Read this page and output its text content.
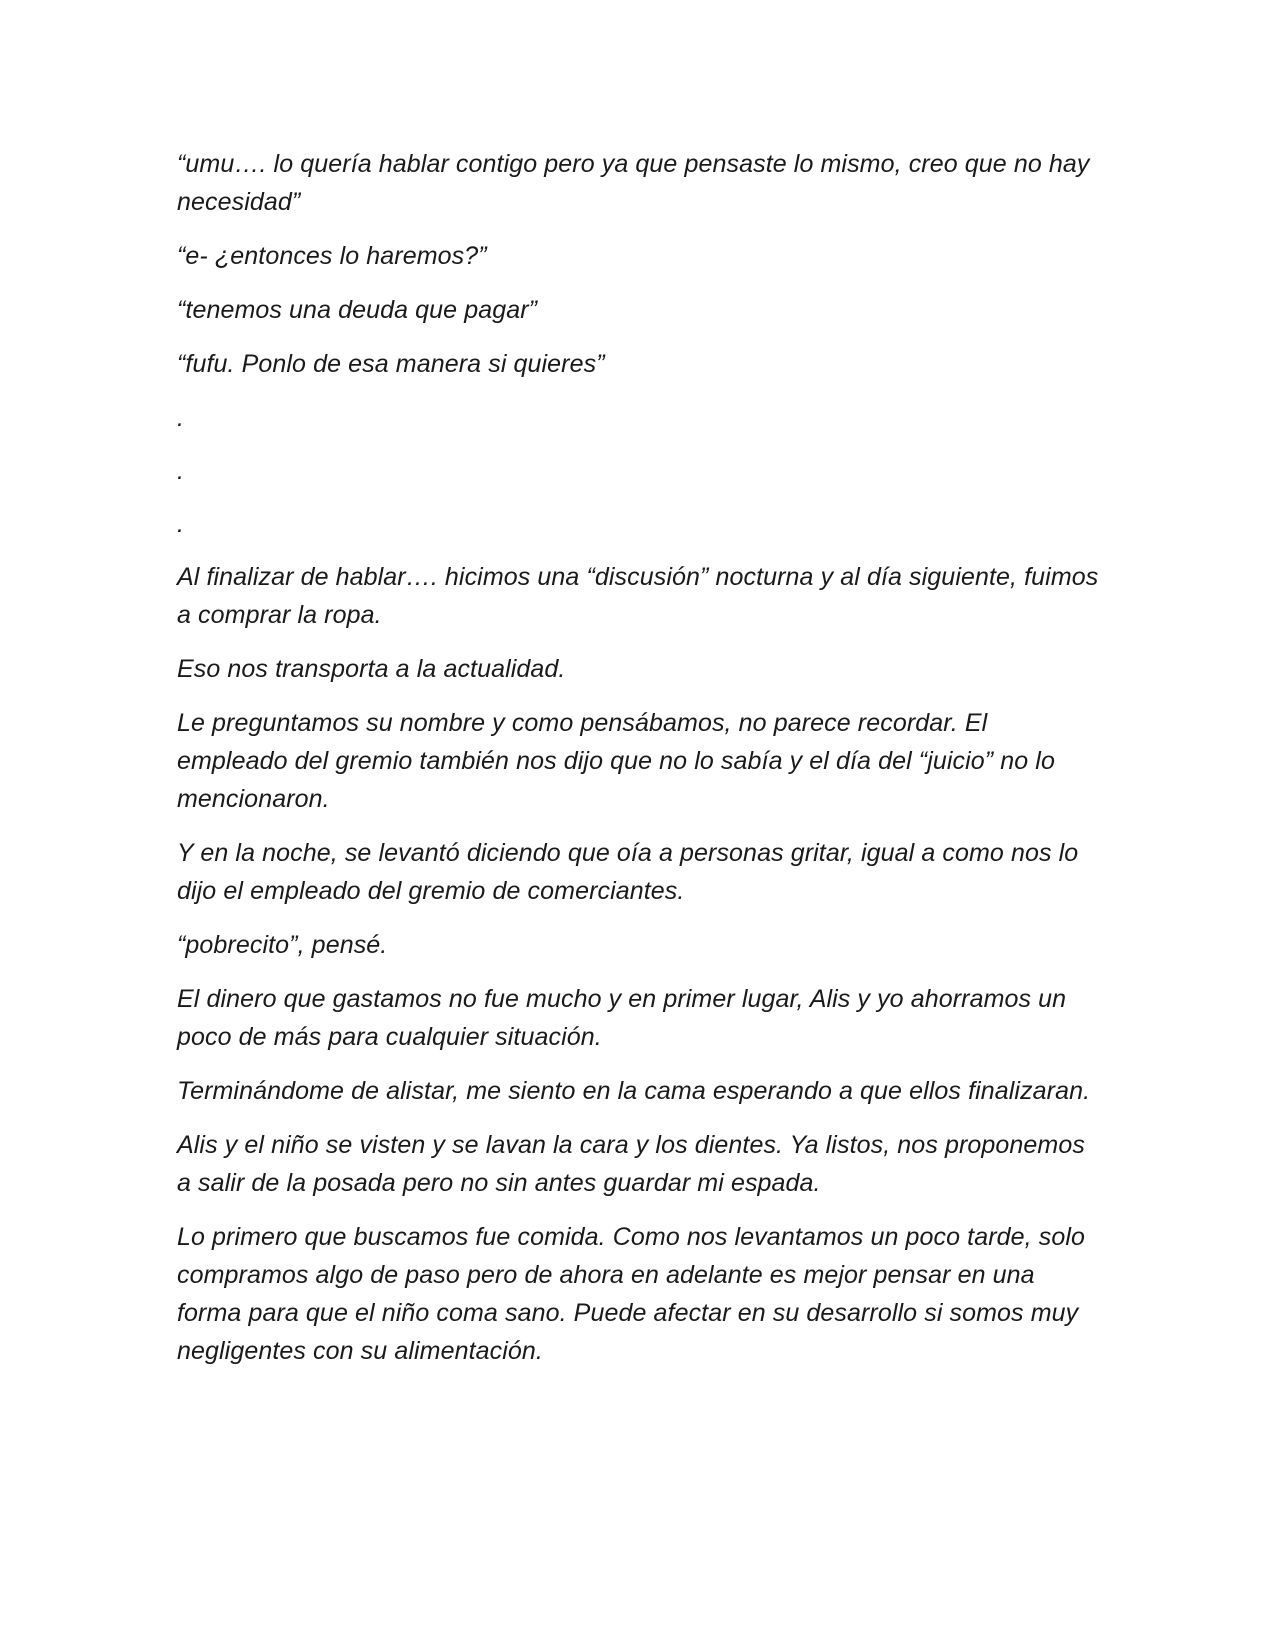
“umu…. lo quería hablar contigo pero ya que pensaste lo mismo, creo que no hay necesidad”

“e- ¿entonces lo haremos?”

“tenemos una deuda que pagar”

“fufu. Ponlo de esa manera si quieres”

.

.

.

Al finalizar de hablar…. hicimos una “discusión” nocturna y al día siguiente, fuimos a comprar la ropa.

Eso nos transporta a la actualidad.

Le preguntamos su nombre y como pensábamos, no parece recordar. El empleado del gremio también nos dijo que no lo sabía y el día del “juicio” no lo mencionaron.

Y en la noche, se levantó diciendo que oía a personas gritar, igual a como nos lo dijo el empleado del gremio de comerciantes.

“pobrecito”, pensé.

El dinero que gastamos no fue mucho y en primer lugar, Alis y yo ahorramos un poco de más para cualquier situación.

Terminándome de alistar, me siento en la cama esperando a que ellos finalizaran.

Alis y el niño se visten y se lavan la cara y los dientes. Ya listos, nos proponemos a salir de la posada pero no sin antes guardar mi espada.

Lo primero que buscamos fue comida. Como nos levantamos un poco tarde, solo compramos algo de paso pero de ahora en adelante es mejor pensar en una forma para que el niño coma sano. Puede afectar en su desarrollo si somos muy negligentes con su alimentación.
